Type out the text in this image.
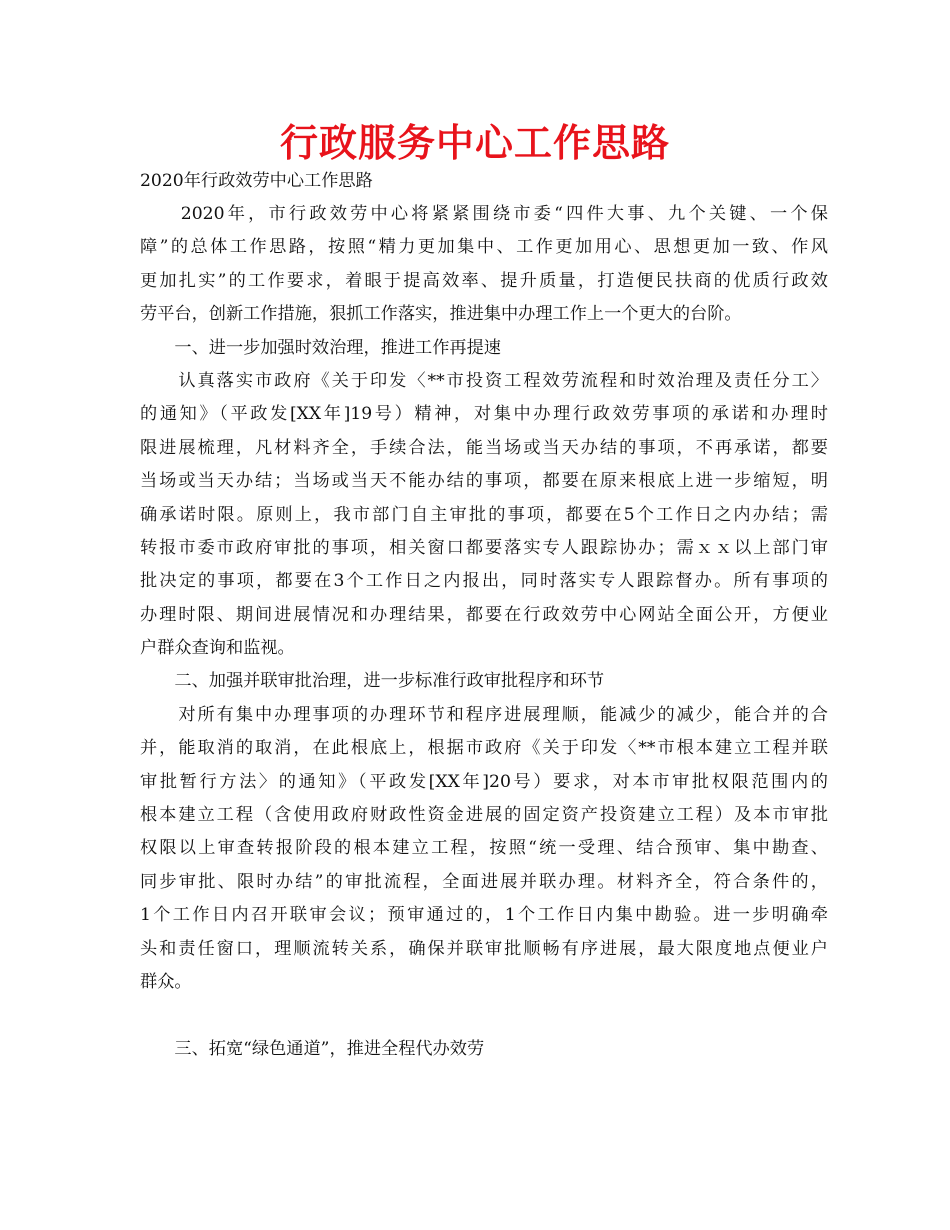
行政服务中心工作思路
2020年行政效劳中心工作思路
　　2020年，市行政效劳中心将紧紧围绕市委“四件大事、九个关键、一个保
障”的总体工作思路，按照“精力更加集中、工作更加用心、思想更加一致、作风
更加扎实”的工作要求，着眼于提高效率、提升质量，打造便民扶商的优质行政效
劳平台，创新工作措施，狠抓工作落实，推进集中办理工作上一个更大的台阶。
　　一、进一步加强时效治理，推进工作再提速
　　认真落实市政府《关于印发〈**市投资工程效劳流程和时效治理及责任分工〉
的通知》（平政发[XX年]19号）精神，对集中办理行政效劳事项的承诺和办理时
限进展梳理，凡材料齐全，手续合法，能当场或当天办结的事项，不再承诺，都要
当场或当天办结；当场或当天不能办结的事项，都要在原来根底上进一步缩短，明
确承诺时限。原则上，我市部门自主审批的事项，都要在5个工作日之内办结；需
转报市委市政府审批的事项，相关窗口都要落实专人跟踪协办；需ｘｘ以上部门审
批决定的事项，都要在3个工作日之内报出，同时落实专人跟踪督办。所有事项的
办理时限、期间进展情况和办理结果，都要在行政效劳中心网站全面公开，方便业
户群众查询和监视。
　　二、加强并联审批治理，进一步标准行政审批程序和环节
　　对所有集中办理事项的办理环节和程序进展理顺，能减少的减少，能合并的合
并，能取消的取消，在此根底上，根据市政府《关于印发〈**市根本建立工程并联
审批暂行方法〉的通知》（平政发[XX年]20号）要求，对本市审批权限范围内的
根本建立工程（含使用政府财政性资金进展的固定资产投资建立工程）及本市审批
权限以上审查转报阶段的根本建立工程，按照“统一受理、结合预审、集中勘查、
同步审批、限时办结”的审批流程，全面进展并联办理。材料齐全，符合条件的，
1个工作日内召开联审会议；预审通过的，1个工作日内集中勘验。进一步明确牵
头和责任窗口，理顺流转关系，确保并联审批顺畅有序进展，最大限度地点便业户
群众。
　　三、拓宽“绿色通道”，推进全程代办效劳
